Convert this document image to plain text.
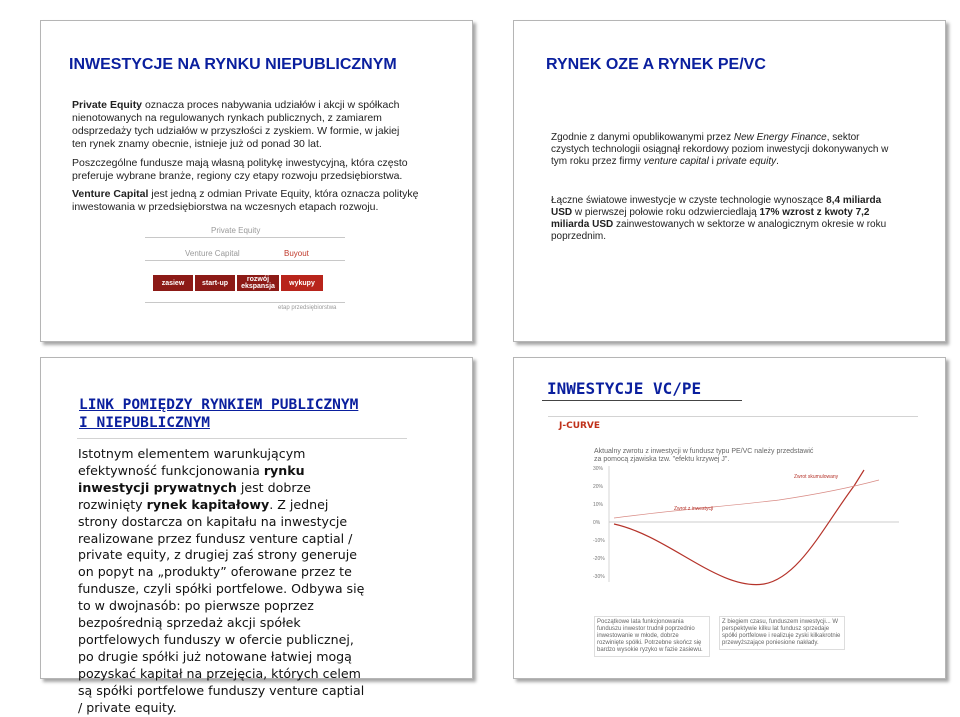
INWESTYCJE NA RYNKU NIEPUBLICZNYM
Private Equity oznacza proces nabywania udziałów i akcji w spółkach nienotowanych na regulowanych rynkach publicznych, z zamiarem odsprzedaży tych udziałów w przyszłości z zyskiem. W formie, w jakiej ten rynek znamy obecnie, istnieje już od ponad 30 lat.
Poszczególne fundusze mają własną politykę inwestycyjną, która często preferuje wybrane branże, regiony czy etapy rozwoju przedsiębiorstwa.
Venture Capital jest jedną z odmian Private Equity, która oznacza politykę inwestowania w przedsiębiorstwa na wczesnych etapach rozwoju.
Private Equity
Venture Capital	Buyout
zasiew	start-up	rozwój
ekspansja	wykupy
etap przedsiębiorstwa
RYNEK OZE A RYNEK PE/VC
Zgodnie z danymi opublikowanymi przez New Energy Finance, sektor czystych technologii osiągnął rekordowy poziom inwestycji dokonywanych w tym roku przez firmy venture capital i private equity.
Łączne światowe inwestycje w czyste technologie wynoszące 8,4 miliarda USD w pierwszej połowie roku odzwierciedlają 17% wzrost z kwoty 7,2 miliarda USD zainwestowanych w sektorze w analogicznym okresie w roku poprzednim.
LINK POMIĘDZY RYNKIEM PUBLICZNYM
I NIEPUBLICZNYM
Istotnym elementem warunkującym efektywność funkcjonowania rynku inwestycji prywatnych jest dobrze rozwinięty rynek kapitałowy. Z jednej strony dostarcza on kapitału na inwestycje realizowane przez fundusz venture captial / private equity, z drugiej zaś strony generuje on popyt na „produkty” oferowane przez te fundusze, czyli spółki portfelowe. Odbywa się to w dwojnasób: po pierwsze poprzez bezpośrednią sprzedaż akcji spółek portfelowych funduszy w ofercie publicznej, po drugie spółki już notowane łatwiej mogą pozyskać kapitał na przejęcia, których celem są spółki portfelowe funduszy venture captial / private equity.
INWESTYCJE VC/PE
J-CURVE
Aktualny zwrotu z inwestycji w fundusz typu PE/VC należy przedstawić za pomocą zjawiska tzw. "efektu krzywej J".
30%
20%
10%
0%
-10%
-20%
-30%
Zwrot z inwestycji
Zwrot skumulowany
Początkowe lata funkcjonowania funduszu inwestor trudnił poprzednio inwestowanie w młode, dobrze rozwinięte spółki. Potrzebne skończ się bardzo wysokie ryzyko w fazie zasiewu.
Z biegiem czasu, funduszem inwestycji... W perspektywie kilku lat fundusz sprzedaje spółki portfelowe i realizuje zyski kilkakrotnie przewyższające poniesione nakłady.
